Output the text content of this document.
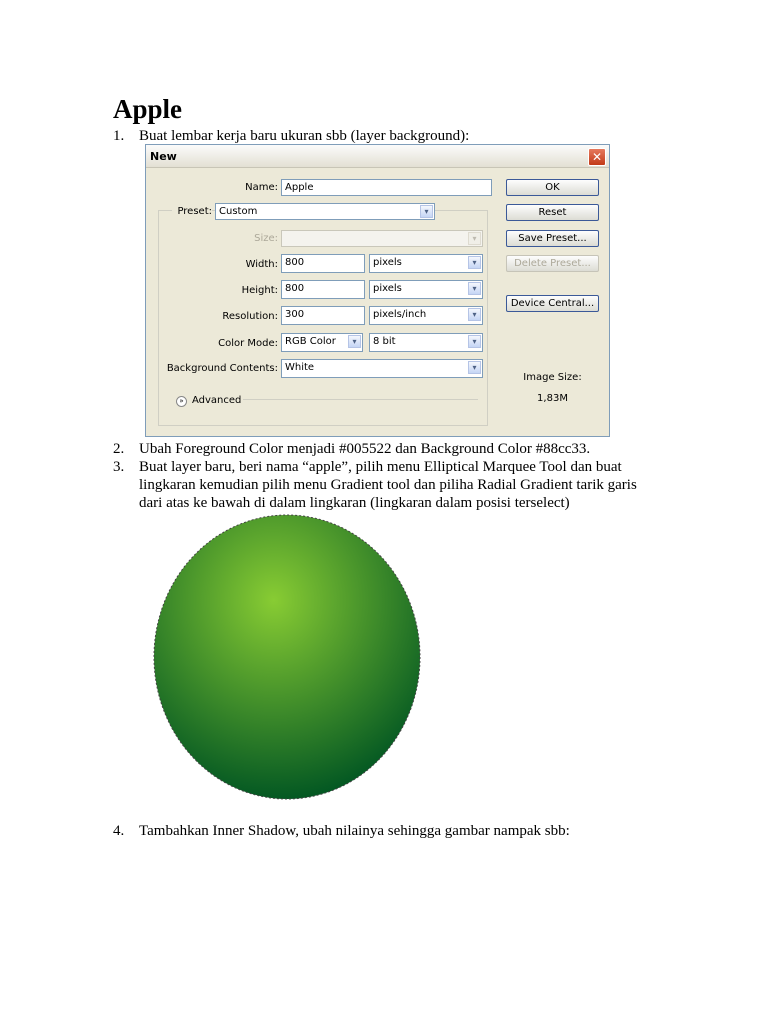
Apple
1. Buat lembar kerja baru ukuran sbb (layer background):
New	✕
Name: Apple
Preset: Custom	▾
Size:	▾
Width: 800	pixels	▾
Height: 800	pixels	▾
Resolution: 300	pixels/inch	▾
Color Mode: RGB Color	▾	8 bit	▾
Background Contents: White	▾
» Advanced
OK
Reset
Save Preset...
Delete Preset...
Device Central...
Image Size:
1,83M
2. Ubah Foreground Color menjadi #005522 dan Background Color #88cc33.
3. Buat layer baru, beri nama “apple”, pilih menu Elliptical Marquee Tool dan buat lingkaran kemudian pilih menu Gradient tool dan piliha Radial Gradient tarik garis dari atas ke bawah di dalam lingkaran (lingkaran dalam posisi terselect)
4. Tambahkan Inner Shadow, ubah nilainya sehingga gambar nampak sbb:
